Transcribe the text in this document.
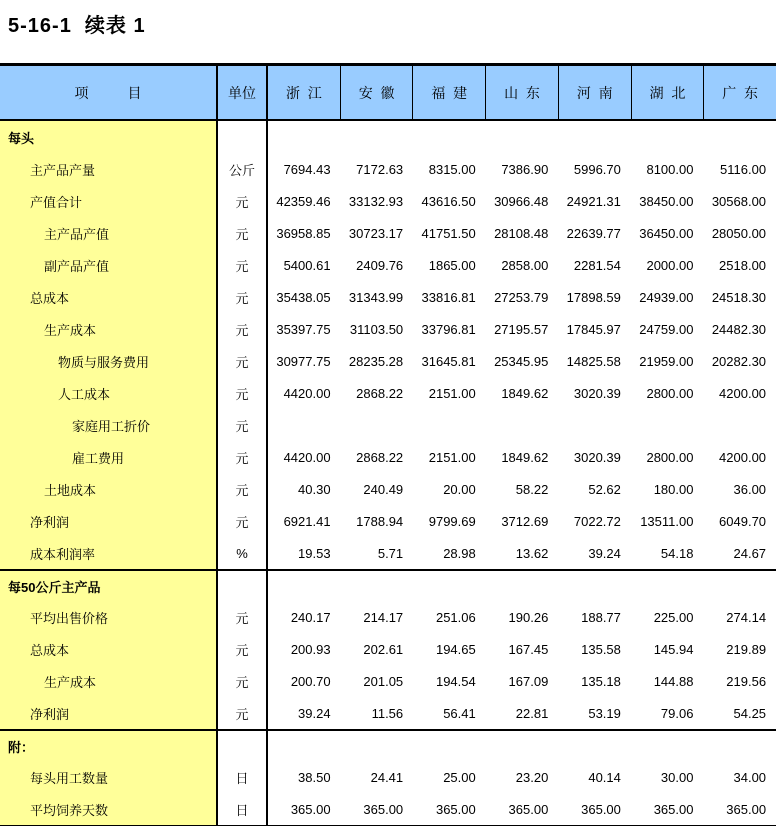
5-16-1  续表 1
项          目	单位	浙  江	安  徽	福  建	山  东	河  南	湖  北	广  东
每头
主产品产量	公斤	7694.43	7172.63	8315.00	7386.90	5996.70	8100.00	5116.00
产值合计	元	42359.46	33132.93	43616.50	30966.48	24921.31	38450.00	30568.00
主产品产值	元	36958.85	30723.17	41751.50	28108.48	22639.77	36450.00	28050.00
副产品产值	元	5400.61	2409.76	1865.00	2858.00	2281.54	2000.00	2518.00
总成本	元	35438.05	31343.99	33816.81	27253.79	17898.59	24939.00	24518.30
生产成本	元	35397.75	31103.50	33796.81	27195.57	17845.97	24759.00	24482.30
物质与服务费用	元	30977.75	28235.28	31645.81	25345.95	14825.58	21959.00	20282.30
人工成本	元	4420.00	2868.22	2151.00	1849.62	3020.39	2800.00	4200.00
家庭用工折价	元
雇工费用	元	4420.00	2868.22	2151.00	1849.62	3020.39	2800.00	4200.00
土地成本	元	40.30	240.49	20.00	58.22	52.62	180.00	36.00
净利润	元	6921.41	1788.94	9799.69	3712.69	7022.72	13511.00	6049.70
成本利润率	%	19.53	5.71	28.98	13.62	39.24	54.18	24.67
每50公斤主产品
平均出售价格	元	240.17	214.17	251.06	190.26	188.77	225.00	274.14
总成本	元	200.93	202.61	194.65	167.45	135.58	145.94	219.89
生产成本	元	200.70	201.05	194.54	167.09	135.18	144.88	219.56
净利润	元	39.24	11.56	56.41	22.81	53.19	79.06	54.25
附：
每头用工数量	日	38.50	24.41	25.00	23.20	40.14	30.00	34.00
平均饲养天数	日	365.00	365.00	365.00	365.00	365.00	365.00	365.00
